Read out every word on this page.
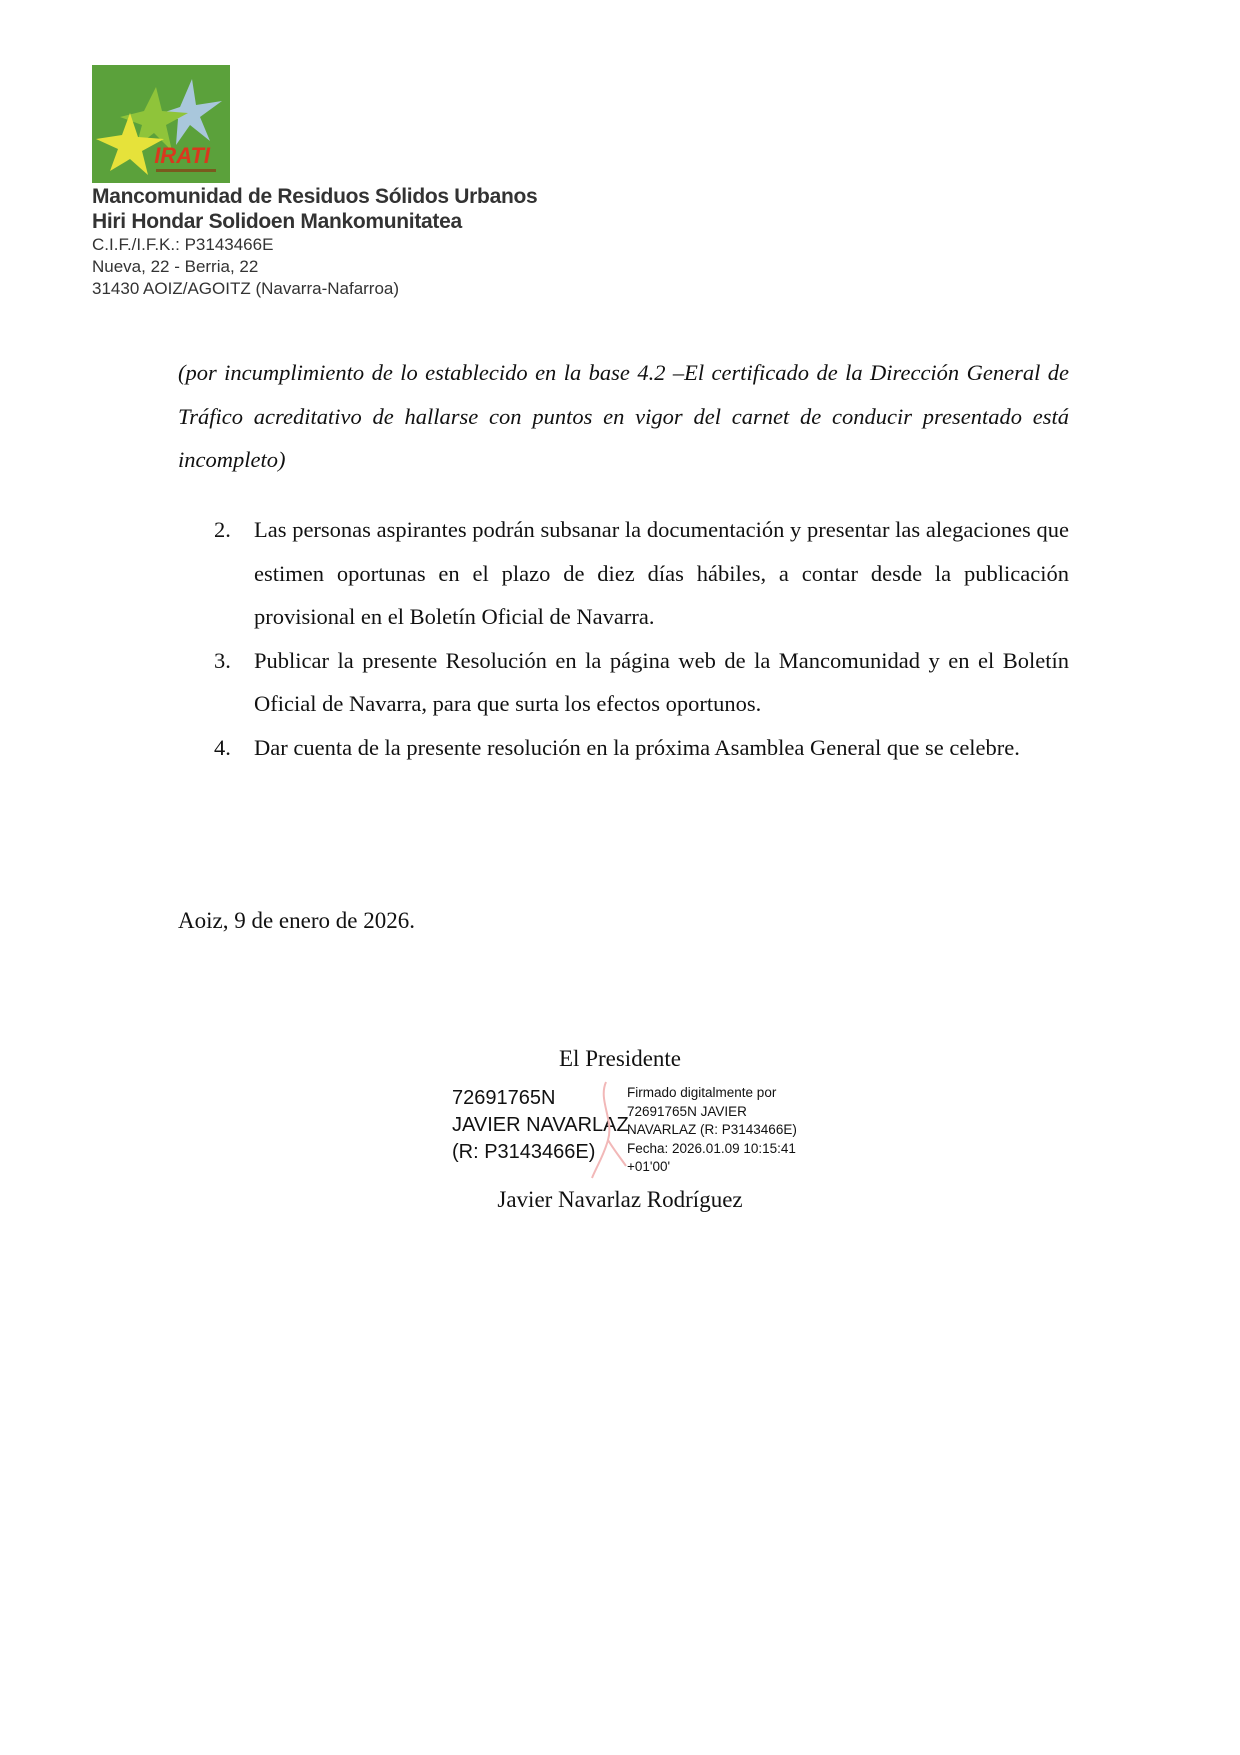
IRATI
Mancomunidad de Residuos Sólidos Urbanos
Hiri Hondar Solidoen Mankomunitatea
C.I.F./I.F.K.: P3143466E
Nueva, 22 - Berria, 22
31430 AOIZ/AGOITZ (Navarra-Nafarroa)
(por incumplimiento de lo establecido en la base 4.2 –El certificado de la Dirección General de Tráfico acreditativo de hallarse con puntos en vigor del carnet de conducir presentado está incompleto)
2. Las personas aspirantes podrán subsanar la documentación y presentar las alegaciones que estimen oportunas en el plazo de diez días hábiles, a contar desde la publicación provisional en el Boletín Oficial de Navarra.
3. Publicar la presente Resolución en la página web de la Mancomunidad y en el Boletín Oficial de Navarra, para que surta los efectos oportunos.
4. Dar cuenta de la presente resolución en la próxima Asamblea General que se celebre.
Aoiz, 9 de enero de 2026.
El Presidente
72691765N
JAVIER NAVARLAZ
(R: P3143466E)
Firmado digitalmente por
72691765N JAVIER
NAVARLAZ (R: P3143466E)
Fecha: 2026.01.09 10:15:41
+01'00'
Javier Navarlaz Rodríguez
